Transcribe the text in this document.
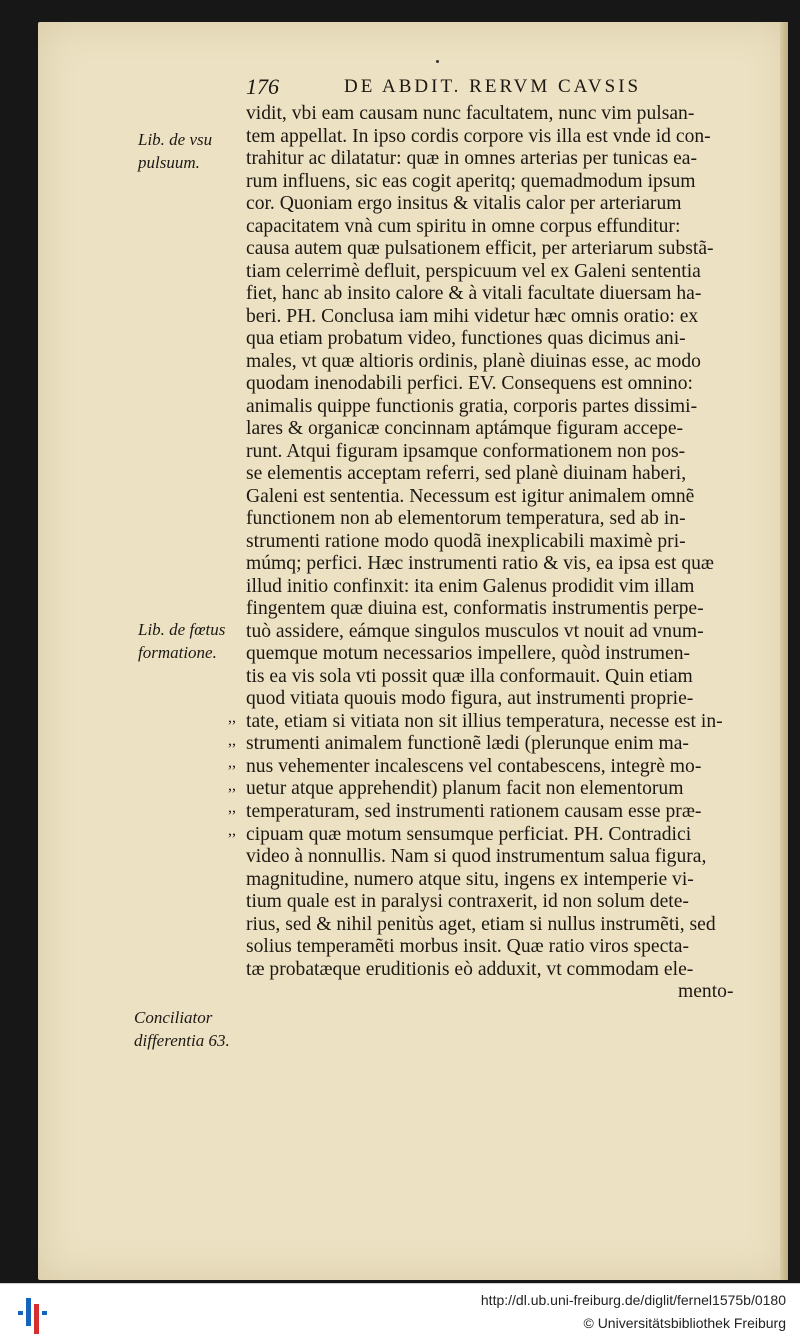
176	DE ABDIT. RERVM CAVSIS
Lib. de vsu
pulsuum.
Lib. de fœtus
formatione.
Conciliator
differentia 63.
,,
,,
,,
,,
,,
,,
vidit, vbi eam causam nunc facultatem, nunc vim pulsan-
tem appellat. In ipso cordis corpore vis illa est vnde id con-
trahitur ac dilatatur: quæ in omnes arterias per tunicas ea-
rum influens, sic eas cogit aperitq; quemadmodum ipsum
cor. Quoniam ergo insitus & vitalis calor per arteriarum
capacitatem vnà cum spiritu in omne corpus effunditur:
causa autem quæ pulsationem efficit, per arteriarum substã-
tiam celerrimè defluit, perspicuum vel ex Galeni sententia
fiet, hanc ab insito calore & à vitali facultate diuersam ha-
beri. PH. Conclusa iam mihi videtur hæc omnis oratio: ex
qua etiam probatum video, functiones quas dicimus ani-
males, vt quæ altioris ordinis, planè diuinas esse, ac modo
quodam inenodabili perfici. EV. Consequens est omnino:
animalis quippe functionis gratia, corporis partes dissimi-
lares & organicæ concinnam aptámque figuram accepe-
runt. Atqui figuram ipsamque conformationem non pos-
se elementis acceptam referri, sed planè diuinam haberi,
Galeni est sententia. Necessum est igitur animalem omnẽ
functionem non ab elementorum temperatura, sed ab in-
strumenti ratione modo quodã inexplicabili maximè pri-
múmq; perfici. Hæc instrumenti ratio & vis, ea ipsa est quæ
illud initio confinxit: ita enim Galenus prodidit vim illam
fingentem quæ diuina est, conformatis instrumentis perpe-
tuò assidere, eámque singulos musculos vt nouit ad vnum-
quemque motum necessarios impellere, quòd instrumen-
tis ea vis sola vti possit quæ illa conformauit. Quin etiam
quod vitiata quouis modo figura, aut instrumenti proprie-
tate, etiam si vitiata non sit illius temperatura, necesse est in-
strumenti animalem functionẽ lædi (plerunque enim ma-
nus vehementer incalescens vel contabescens, integrè mo-
uetur atque apprehendit) planum facit non elementorum
temperaturam, sed instrumenti rationem causam esse præ-
cipuam quæ motum sensumque perficiat. PH. Contradici
video à nonnullis. Nam si quod instrumentum salua figura,
magnitudine, numero atque situ, ingens ex intemperie vi-
tium quale est in paralysi contraxerit, id non solum dete-
rius, sed & nihil penitùs aget, etiam si nullus instrumẽti, sed
solius temperamẽti morbus insit. Quæ ratio viros specta-
tæ probatæque eruditionis eò adduxit, vt commodam ele-
mento-
http://dl.ub.uni-freiburg.de/diglit/fernel1575b/0180
© Universitätsbibliothek Freiburg
